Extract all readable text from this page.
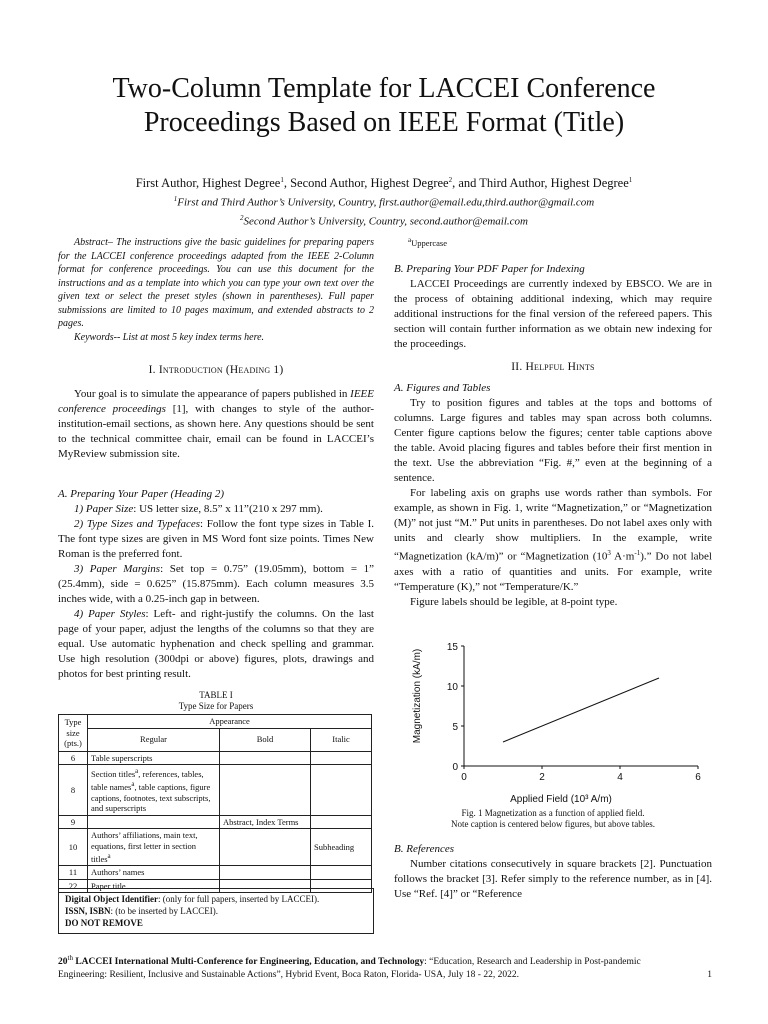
Two-Column Template for LACCEI Conference
Proceedings Based on IEEE Format (Title)
First Author, Highest Degree$^1$, Second Author, Highest Degree$^2$, and Third Author, Highest Degree$^1$
$^1$First and Third Author’s University, Country, first.author@email.edu,third.author@gmail.com
$^2$Second Author’s University, Country, second.author@email.com

Abstract– The instructions give the basic guidelines for preparing papers for the LACCEI conference proceedings adapted from the IEEE 2-Column format for conference proceedings. You can use this document for the instructions and as a template into which you can type your own text over the given text or select the preset styles (shown in parentheses). Full paper submissions are limited to 10 pages maximum, and extended abstracts to 2 pages.

Keywords-- List at most 5 key index terms here.

I. Introduction (Heading 1)

Your goal is to simulate the appearance of papers published in IEEE conference proceedings [1], with changes to style of the author-institution-email sections, as shown here. Any questions should be sent to the technical committee chair, email can be found in LACCEI’s MyReview submission site.

A. Preparing Your Paper (Heading 2)

1) Paper Size: US letter size, 8.5” x 11”(210 x 297 mm).

2) Type Sizes and Typefaces: Follow the font type sizes in Table I. The font type sizes are given in MS Word font size points. Times New Roman is the preferred font.

3) Paper Margins: Set top = 0.75” (19.05mm), bottom = 1” (25.4mm), side = 0.625” (15.875mm). Each column measures 3.5 inches wide, with a 0.25-inch gap in between.

4) Paper Styles: Left- and right-justify the columns. On the last page of your paper, adjust the lengths of the columns so that they are equal. Use automatic hyphenation and check spelling and grammar. Use high resolution (300dpi or above) figures, plots, drawings and photos for best printing result.

TABLE I
Type Size for Papers
Type size (pts.)	Appearance		
	Regular	Bold	Italic
6	Table superscripts		
8	Section titles$^a$, references, tables, table names$^a$, table captions, figure captions, footnotes, text subscripts, and superscripts		
9		Abstract, Index Terms	
10	Authors’ affiliations, main text, equations, first letter in section titles$^a$		Subheading
11	Authors’ names		
22	Paper title		
Digital Object Identifier: (only for full papers, inserted by LACCEI).
ISSN, ISBN: (to be inserted by LACCEI).
DO NOT REMOVE
$^a$Uppercase
B. Preparing Your PDF Paper for Indexing

LACCEI Proceedings are currently indexed by EBSCO. We are in the process of obtaining additional indexing, which may require additional instructions for the final version of the refereed papers. This section will contain further information as we obtain new indexing for the proceedings.

II. Helpful Hints
A. Figures and Tables

Try to position figures and tables at the tops and bottoms of columns. Large figures and tables may span across both columns. Center figure captions below the figures; center table captions above the table. Avoid placing figures and tables before their first mention in the text. Use the abbreviation “Fig. #,” even at the beginning of a sentence.

For labeling axis on graphs use words rather than symbols. For example, as shown in Fig. 1, write “Magnetization,” or “Magnetization (M)” not just “M.” Put units in parentheses. Do not label axes only with units and clearly show multipliers. In the example, write “Magnetization (kA/m)” or “Magnetization (10$^3$ A·m$^{-1}$).” Do not label axes with a ratio of quantities and units. For example, write “Temperature (K),” not “Temperature/K.”

Figure labels should be legible, at 8-point type.

0	2	4	6
0
5
10
15
Magnetization (kA/m)
Applied Field (10³ A/m)
Fig. 1 Magnetization as a function of applied field.
Note caption is centered below figures, but above tables.
B. References

Number citations consecutively in square brackets [2]. Punctuation follows the bracket [3]. Refer simply to the reference number, as in [4]. Use “Ref. [4]” or “Reference

1
20th LACCEI International Multi-Conference for Engineering, Education, and Technology: “Education, Research and Leadership in Post-pandemic Engineering: Resilient, Inclusive and Sustainable Actions”, Hybrid Event, Boca Raton, Florida- USA, July 18 - 22, 2022.
